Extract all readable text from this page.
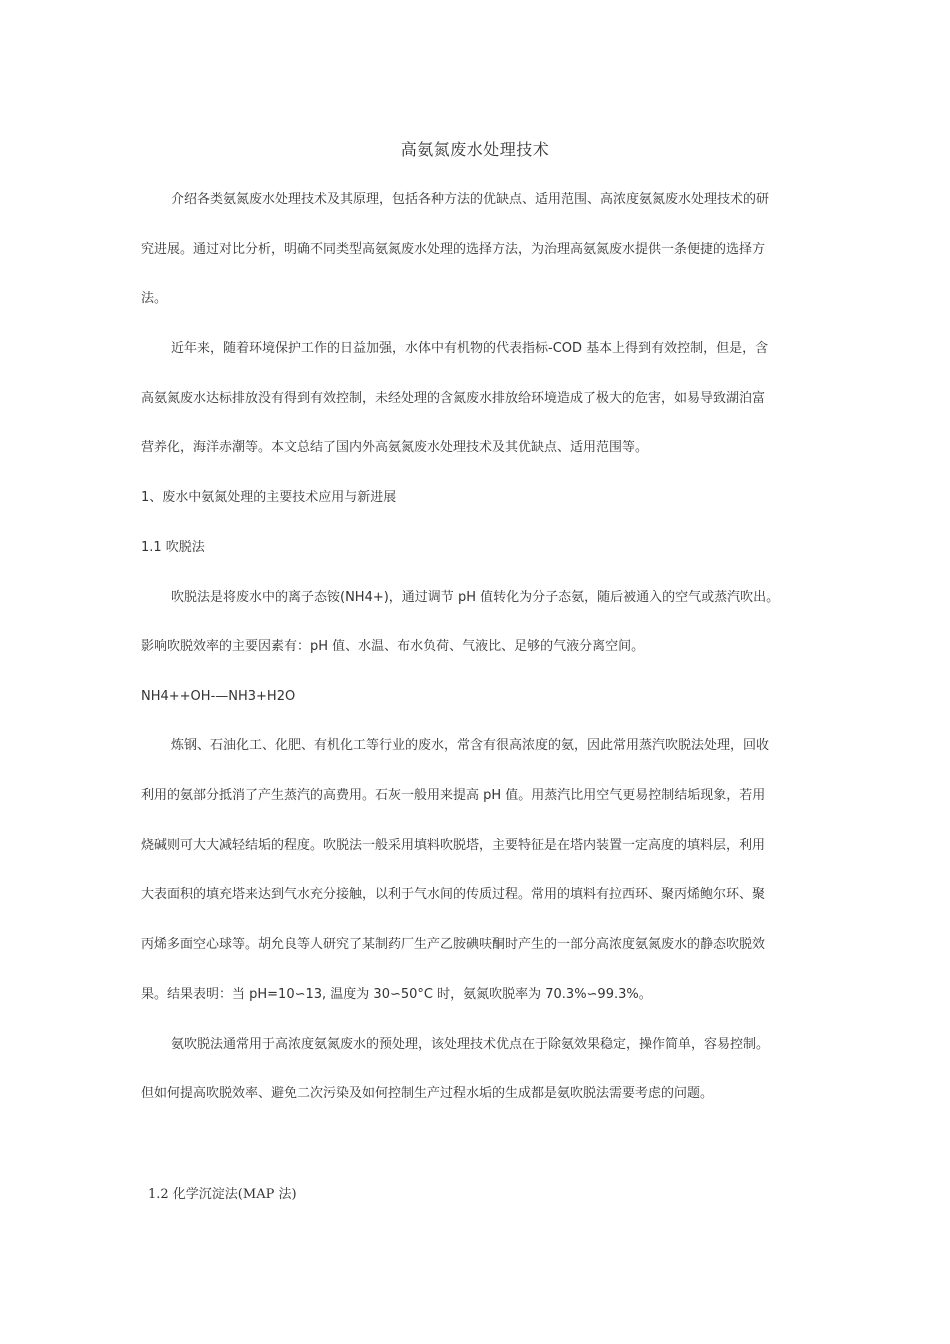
高氨氮废水处理技术
介绍各类氨氮废水处理技术及其原理，包括各种方法的优缺点、适用范围、高浓度氨氮废水处理技术的研
究进展。通过对比分析，明确不同类型高氨氮废水处理的选择方法，为治理高氨氮废水提供一条便捷的选择方
法。
近年来，随着环境保护工作的日益加强，水体中有机物的代表指标-COD 基本上得到有效控制，但是，含
高氨氮废水达标排放没有得到有效控制，未经处理的含氮废水排放给环境造成了极大的危害，如易导致湖泊富
营养化，海洋赤潮等。本文总结了国内外高氨氮废水处理技术及其优缺点、适用范围等。
1、废水中氨氮处理的主要技术应用与新进展
1.1 吹脱法
吹脱法是将废水中的离子态铵(NH4+)，通过调节 pH 值转化为分子态氨，随后被通入的空气或蒸汽吹出。
影响吹脱效率的主要因素有：pH 值、水温、布水负荷、气液比、足够的气液分离空间。
NH4++OH-—NH3+H2O
炼钢、石油化工、化肥、有机化工等行业的废水，常含有很高浓度的氨，因此常用蒸汽吹脱法处理，回收
利用的氨部分抵消了产生蒸汽的高费用。石灰一般用来提高 pH 值。用蒸汽比用空气更易控制结垢现象，若用
烧碱则可大大减轻结垢的程度。吹脱法一般采用填料吹脱塔，主要特征是在塔内装置一定高度的填料层，利用
大表面积的填充塔来达到气水充分接触，以利于气水间的传质过程。常用的填料有拉西环、聚丙烯鲍尔环、聚
丙烯多面空心球等。胡允良等人研究了某制药厂生产乙胺碘呋酮时产生的一部分高浓度氨氮废水的静态吹脱效
果。结果表明：当 pH=10∽13, 温度为 30∽50°C 时，氨氮吹脱率为 70.3%∽99.3%。
氨吹脱法通常用于高浓度氨氮废水的预处理，该处理技术优点在于除氨效果稳定，操作简单，容易控制。
但如何提高吹脱效率、避免二次污染及如何控制生产过程水垢的生成都是氨吹脱法需要考虑的问题。
1.2 化学沉淀法(MAP 法)
